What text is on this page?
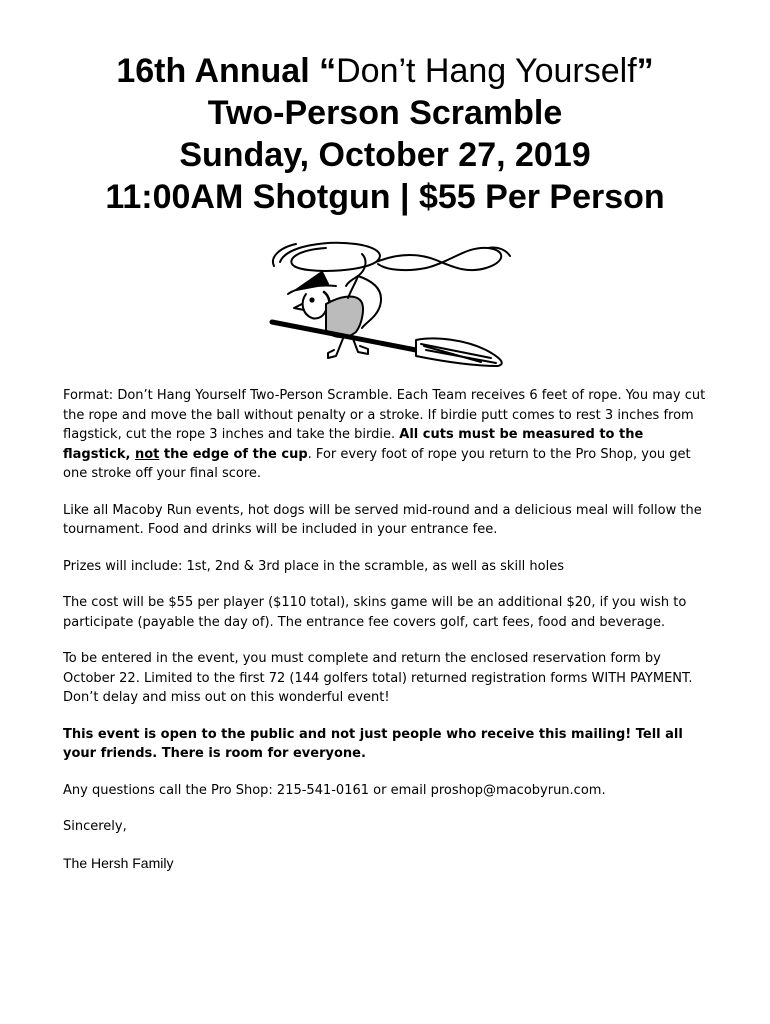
16th Annual “Don’t Hang Yourself”
Two-Person Scramble
Sunday, October 27, 2019
11:00AM Shotgun | $55 Per Person

Format: Don’t Hang Yourself Two-Person Scramble. Each Team receives 6 feet of rope. You may cut the rope and move the ball without penalty or a stroke. If birdie putt comes to rest 3 inches from flagstick, cut the rope 3 inches and take the birdie. All cuts must be measured to the flagstick, not the edge of the cup. For every foot of rope you return to the Pro Shop, you get one stroke off your final score.

Like all Macoby Run events, hot dogs will be served mid-round and a delicious meal will follow the tournament. Food and drinks will be included in your entrance fee.

Prizes will include: 1st, 2nd & 3rd place in the scramble, as well as skill holes

The cost will be $55 per player ($110 total), skins game will be an additional $20, if you wish to participate (payable the day of). The entrance fee covers golf, cart fees, food and beverage.

To be entered in the event, you must complete and return the enclosed reservation form by October 22. Limited to the first 72 (144 golfers total) returned registration forms WITH PAYMENT. Don’t delay and miss out on this wonderful event!

This event is open to the public and not just people who receive this mailing! Tell all your friends. There is room for everyone.

Any questions call the Pro Shop: 215-541-0161 or email proshop@macobyrun.com.

Sincerely,

The Hersh Family
